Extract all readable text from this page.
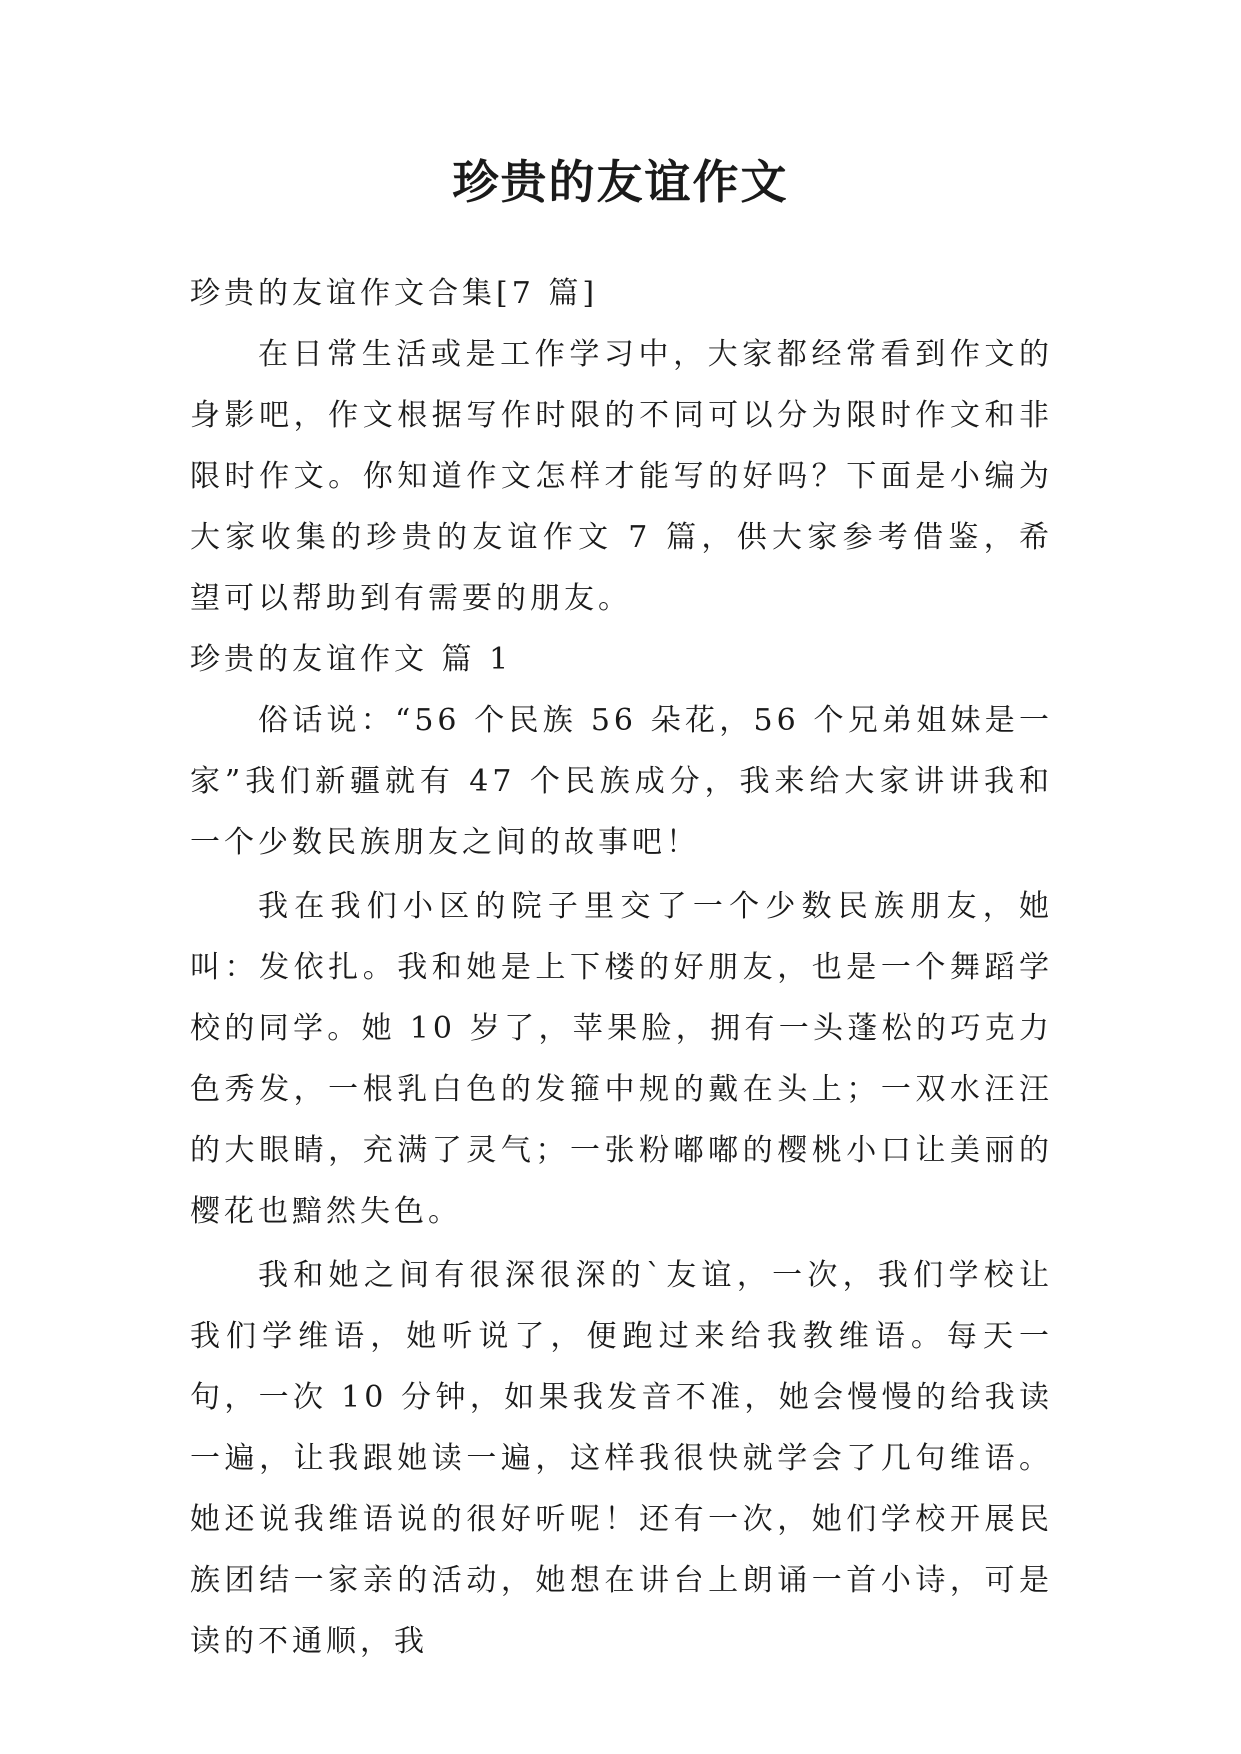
珍贵的友谊作文

珍贵的友谊作文合集[7 篇]

在日常生活或是工作学习中，大家都经常看到作文的身影吧，作文根据写作时限的不同可以分为限时作文和非限时作文。你知道作文怎样才能写的好吗？下面是小编为大家收集的珍贵的友谊作文 7 篇，供大家参考借鉴，希望可以帮助到有需要的朋友。

珍贵的友谊作文 篇 1

俗话说：“56 个民族 56 朵花，56 个兄弟姐妹是一家”我们新疆就有 47 个民族成分，我来给大家讲讲我和一个少数民族朋友之间的故事吧！

我在我们小区的院子里交了一个少数民族朋友，她叫：发依扎。我和她是上下楼的好朋友，也是一个舞蹈学校的同学。她 10 岁了，苹果脸，拥有一头蓬松的巧克力色秀发，一根乳白色的发箍中规的戴在头上；一双水汪汪的大眼睛，充满了灵气；一张粉嘟嘟的樱桃小口让美丽的樱花也黯然失色。

我和她之间有很深很深的`友谊，一次，我们学校让我们学维语，她听说了，便跑过来给我教维语。每天一句，一次 10 分钟，如果我发音不准，她会慢慢的给我读一遍，让我跟她读一遍，这样我很快就学会了几句维语。她还说我维语说的很好听呢！还有一次，她们学校开展民族团结一家亲的活动，她想在讲台上朗诵一首小诗，可是读的不通顺，我
